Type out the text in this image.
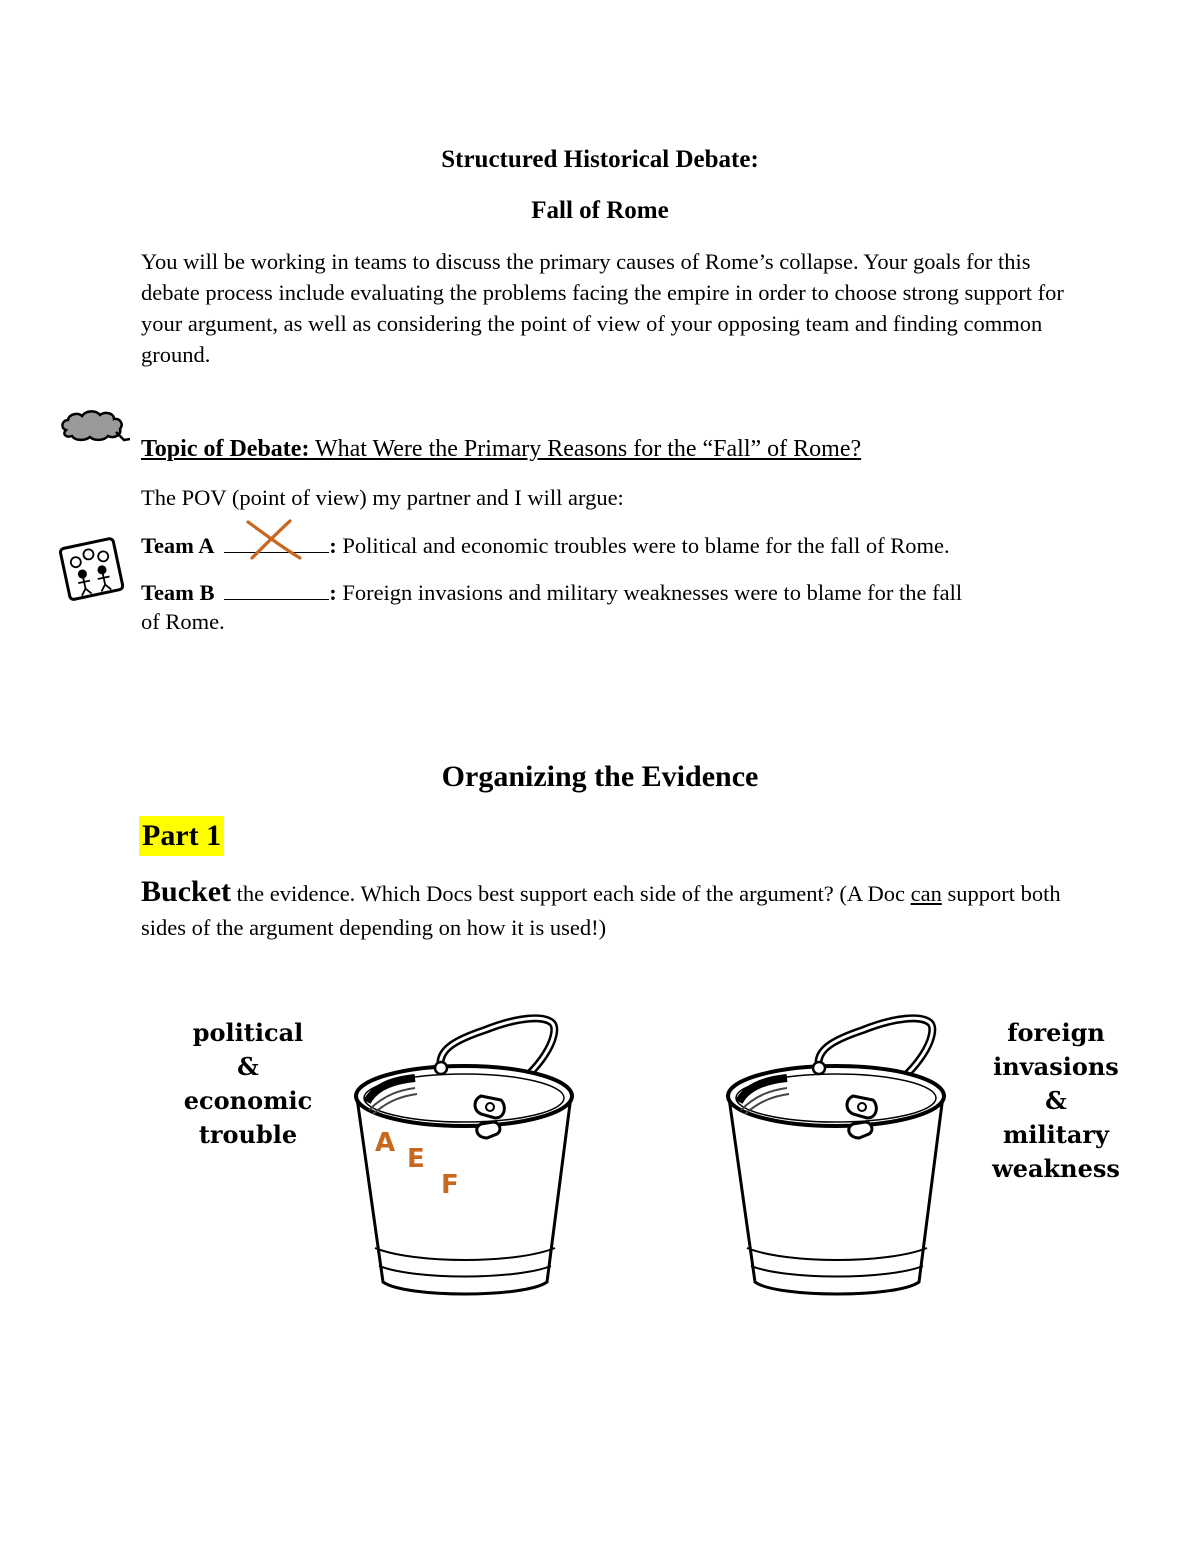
Structured Historical Debate:
Fall of Rome
You will be working in teams to discuss the primary causes of Rome’s collapse. Your goals for this debate process include evaluating the problems facing the empire in order to choose strong support for your argument, as well as considering the point of view of your opposing team and finding common ground.
Topic of Debate: What Were the Primary Reasons for the “Fall” of Rome?
The POV (point of view) my partner and I will argue:
Team A	: Political and economic troubles were to blame for the fall of Rome.
Team B	: Foreign invasions and military weaknesses were to blame for the fall
of Rome.
Organizing the Evidence
Part 1
Bucket the evidence. Which Docs best support each side of the argument? (A Doc can support both sides of the argument depending on how it is used!)
political
&
economic
trouble
foreign
invasions
&
military
weakness
A
E
F
